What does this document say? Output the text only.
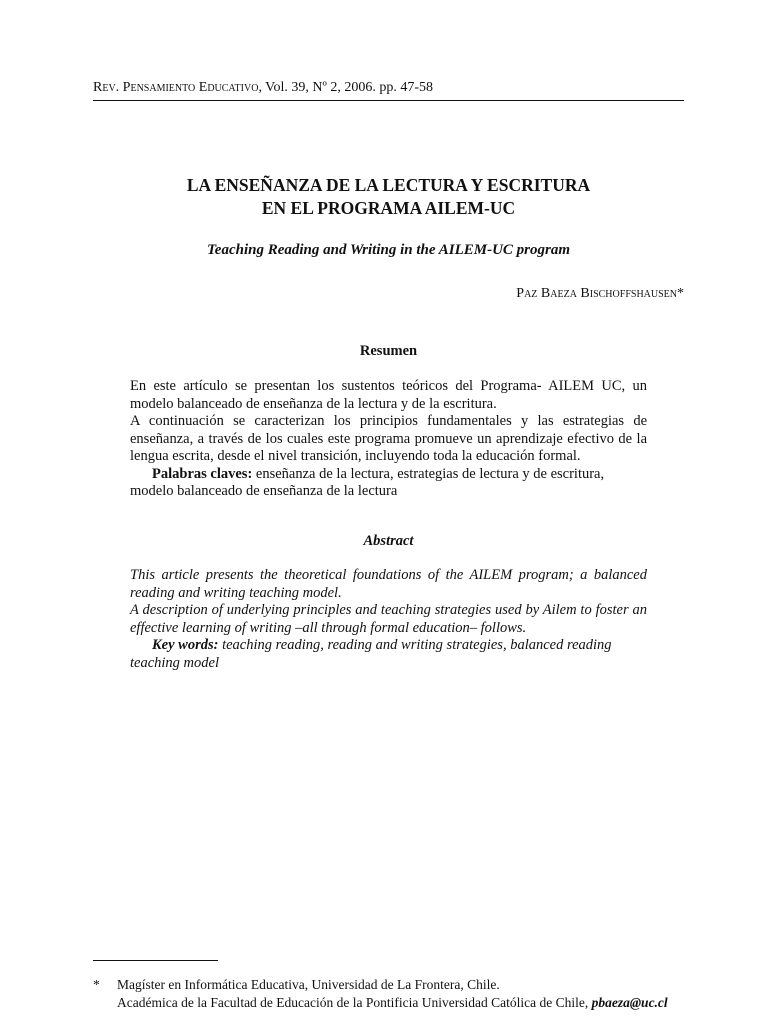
Rev. Pensamiento Educativo, Vol. 39, Nº 2, 2006. pp. 47-58
LA ENSEÑANZA DE LA LECTURA Y ESCRITURA
EN EL PROGRAMA AILEM-UC
Teaching Reading and Writing in the AILEM-UC program
Paz Baeza Bischoffshausen*
Resumen

En este artículo se presentan los sustentos teóricos del Programa- AILEM UC, un modelo balanceado de enseñanza de la lectura y de la escritura.

A continuación se caracterizan los principios fundamentales y las estrategias de enseñanza, a través de los cuales este programa promueve un aprendizaje efectivo de la lengua escrita, desde el nivel transición, incluyendo toda la educación formal.

Palabras claves: enseñanza de la lectura, estrategias de lectura y de escritura, modelo balanceado de enseñanza de la lectura

Abstract

This article presents the theoretical foundations of the AILEM program; a balanced reading and writing teaching model.

A description of underlying principles and teaching strategies used by Ailem to foster an effective learning of writing –all through formal education– follows.

Key words: teaching reading, reading and writing strategies, balanced reading teaching model

* Magíster en Informática Educativa, Universidad de La Frontera, Chile.
Académica de la Facultad de Educación de la Pontificia Universidad Católica de Chile, pbaeza@uc.cl
